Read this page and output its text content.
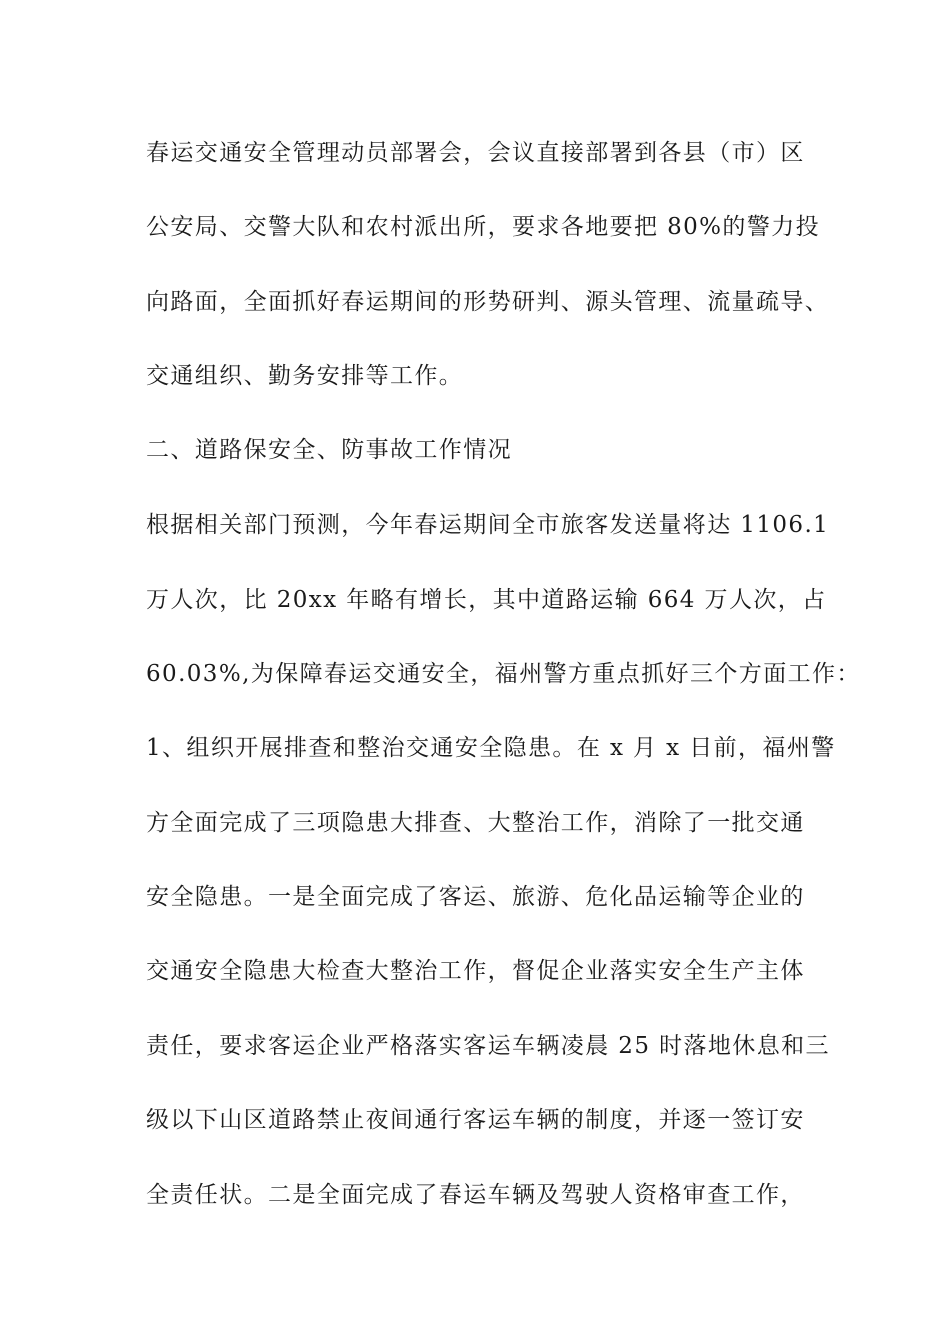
春运交通安全管理动员部署会，会议直接部署到各县（市）区
公安局、交警大队和农村派出所，要求各地要把 80%的警力投
向路面，全面抓好春运期间的形势研判、源头管理、流量疏导、
交通组织、勤务安排等工作。
二、道路保安全、防事故工作情况
根据相关部门预测，今年春运期间全市旅客发送量将达 1106.1
万人次，比 20xx 年略有增长，其中道路运输 664 万人次，占
60.03%,为保障春运交通安全，福州警方重点抓好三个方面工作：
1、组织开展排查和整治交通安全隐患。在 x 月 x 日前，福州警
方全面完成了三项隐患大排查、大整治工作，消除了一批交通
安全隐患。一是全面完成了客运、旅游、危化品运输等企业的
交通安全隐患大检查大整治工作，督促企业落实安全生产主体
责任，要求客运企业严格落实客运车辆凌晨 25 时落地休息和三
级以下山区道路禁止夜间通行客运车辆的制度，并逐一签订安
全责任状。二是全面完成了春运车辆及驾驶人资格审查工作，
